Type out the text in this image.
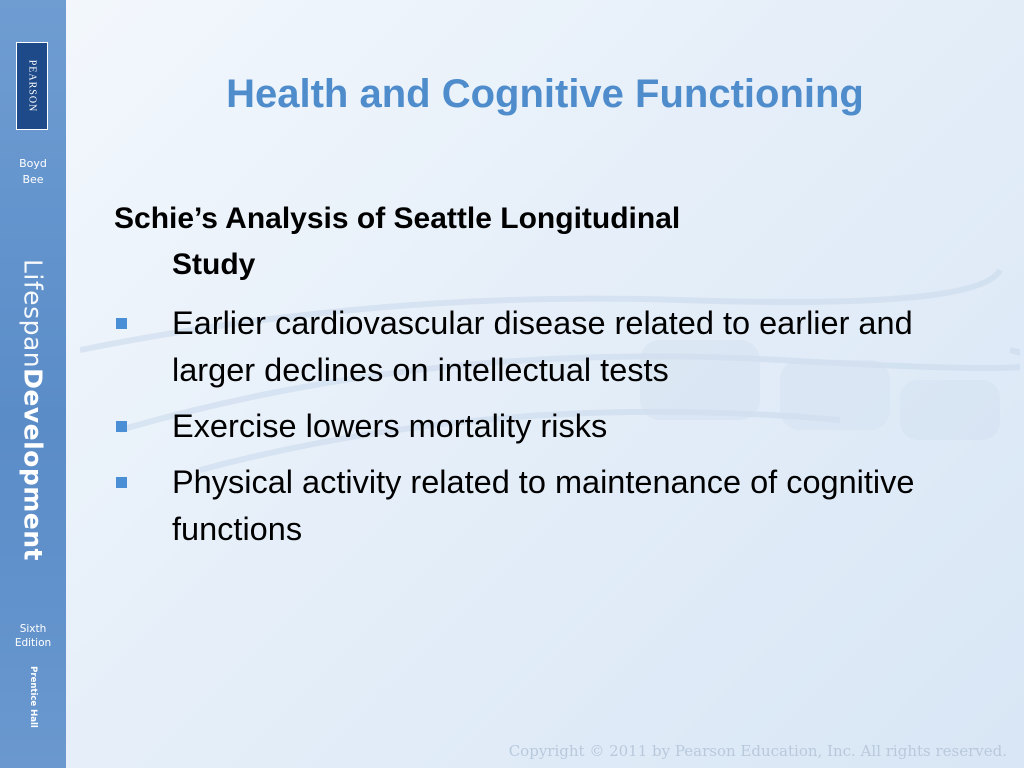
PEARSON
Boyd
Bee
LifespanDevelopment
Sixth
Edition
Prentice Hall
Health and Cognitive Functioning
Schie’s Analysis of Seattle Longitudinal
Study
Earlier cardiovascular disease related to earlier and larger declines on intellectual tests
Exercise lowers mortality risks
Physical activity related to maintenance of cognitive functions
Copyright © 2011 by Pearson Education, Inc. All rights reserved.
